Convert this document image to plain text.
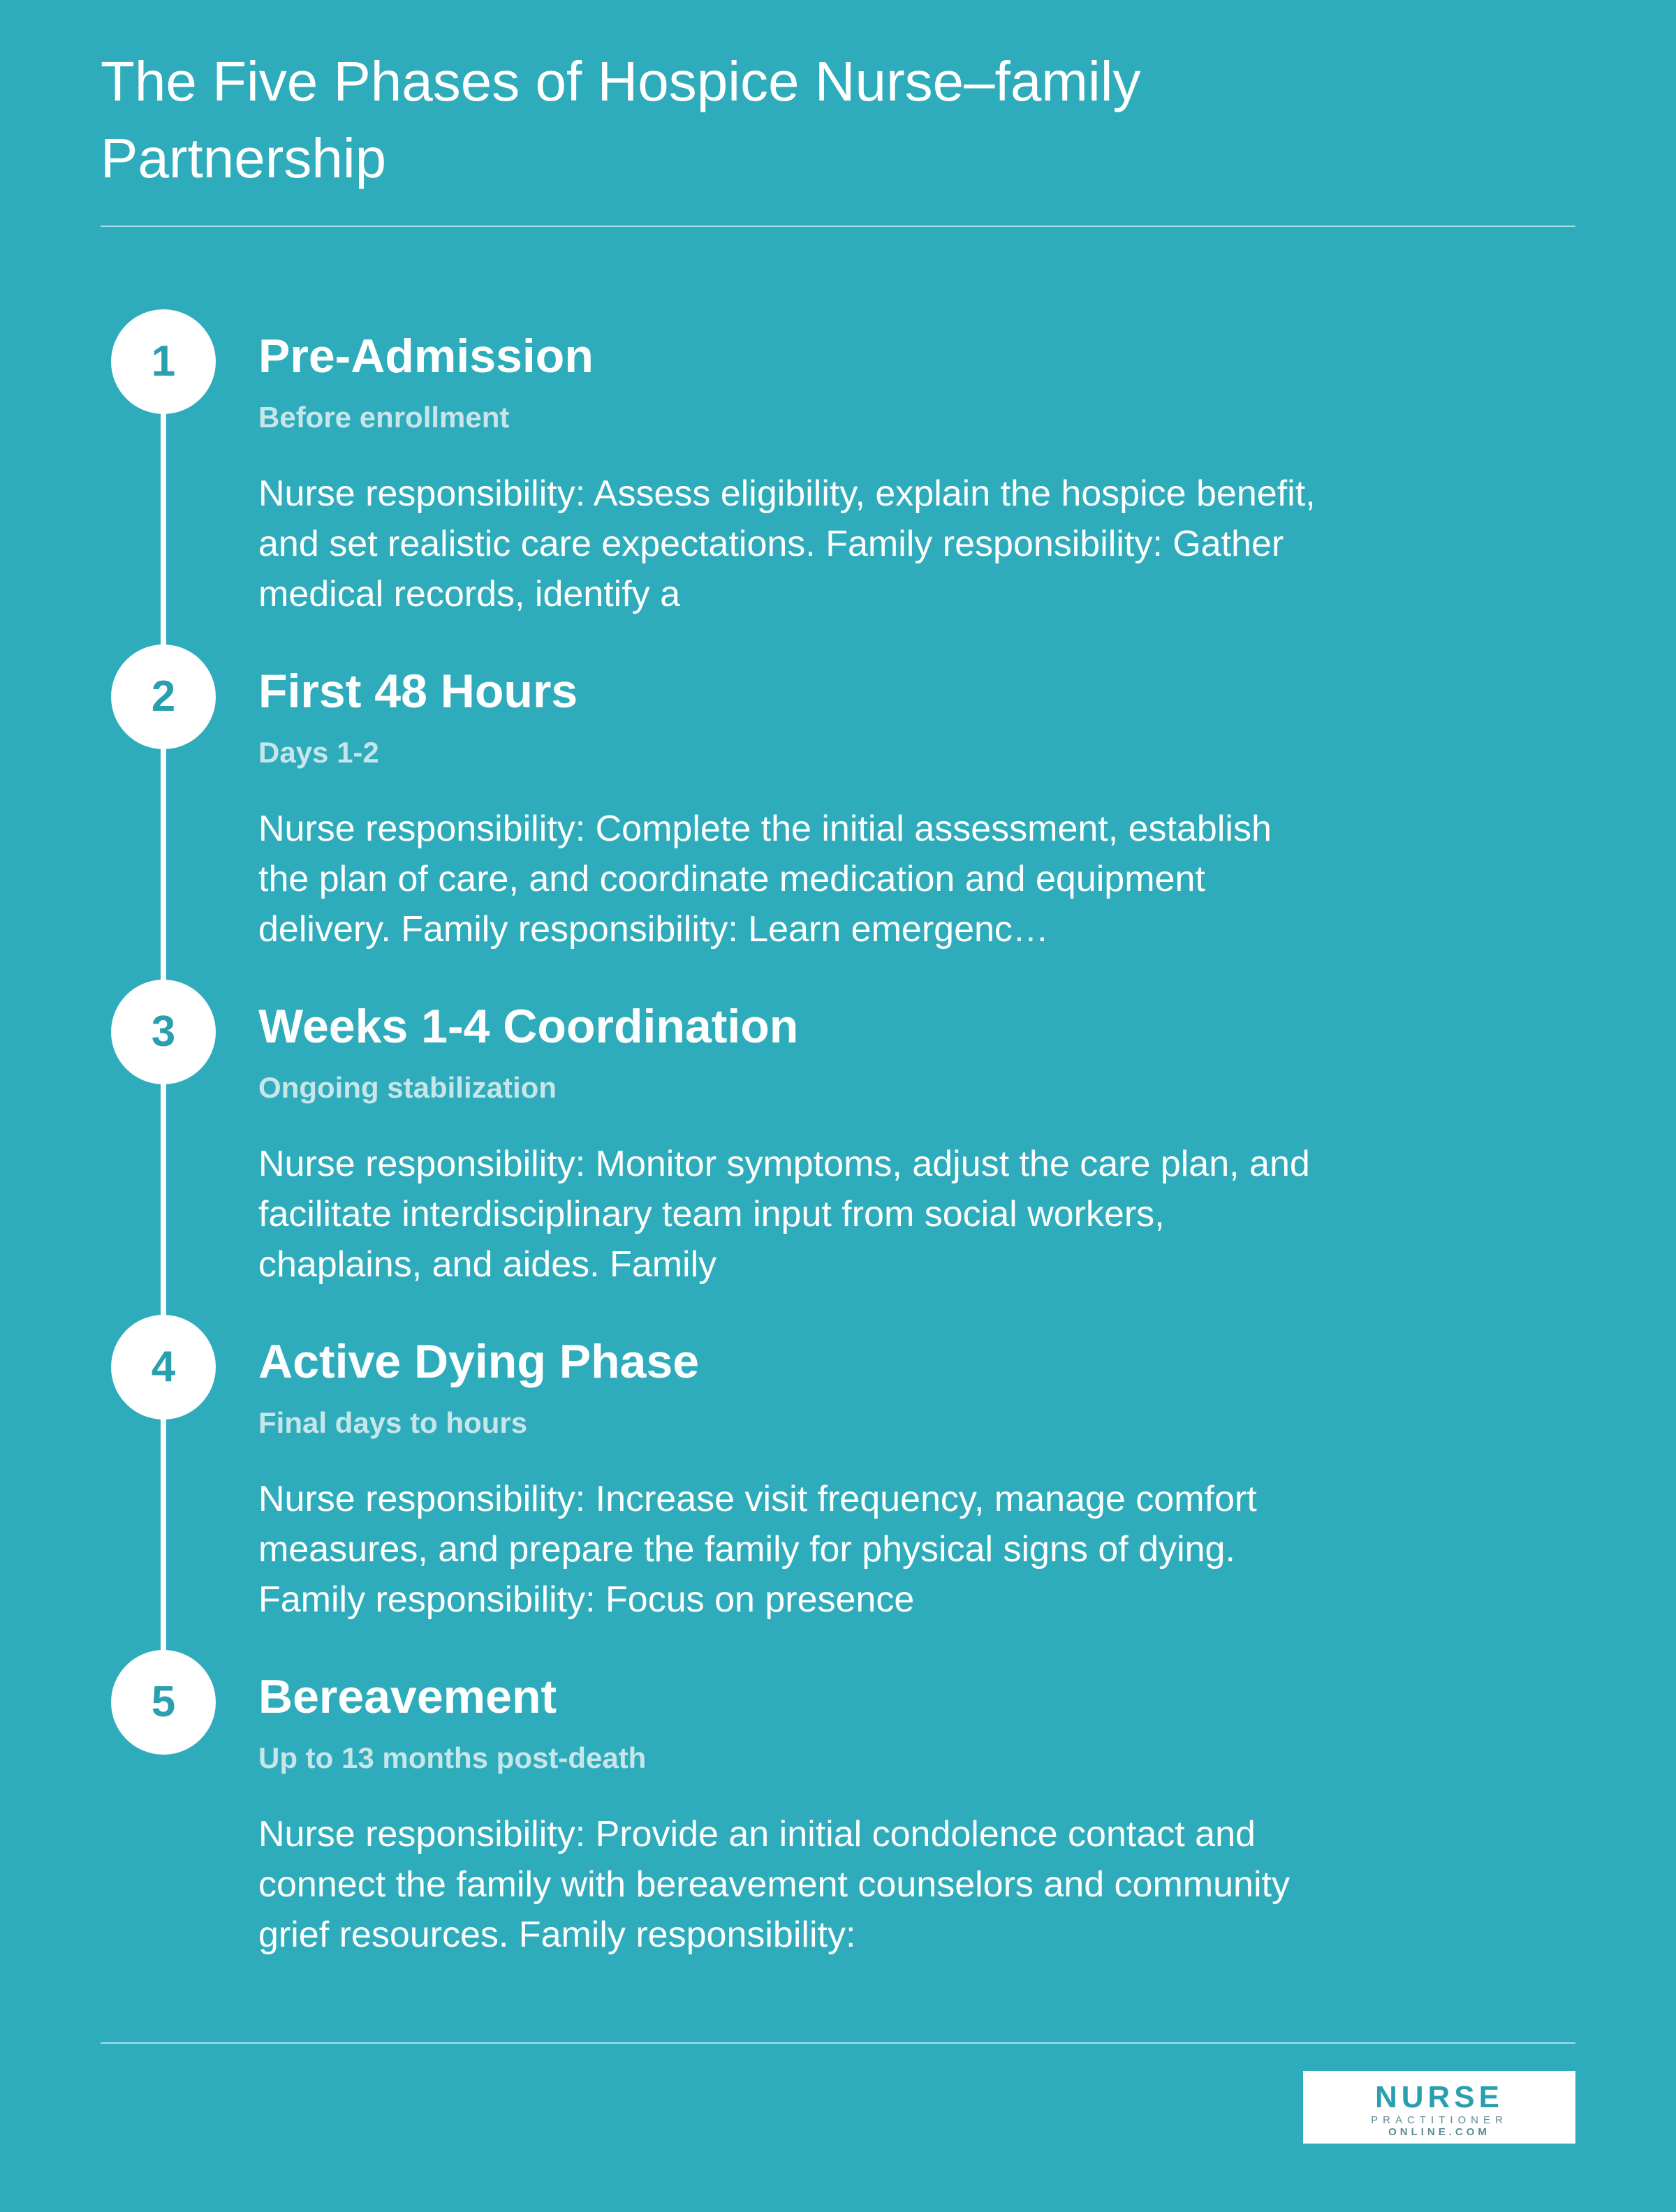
The Five Phases of Hospice Nurse–family Partnership
1	Pre-Admission
Before enrollment
Nurse responsibility: Assess eligibility, explain the hospice benefit, and set realistic care expectations. Family responsibility: Gather medical records, identify a
2	First 48 Hours
Days 1-2
Nurse responsibility: Complete the initial assessment, establish the plan of care, and coordinate medication and equipment delivery. Family responsibility: Learn emergenc…
3	Weeks 1-4 Coordination
Ongoing stabilization
Nurse responsibility: Monitor symptoms, adjust the care plan, and facilitate interdisciplinary team input from social workers, chaplains, and aides. Family
4	Active Dying Phase
Final days to hours
Nurse responsibility: Increase visit frequency, manage comfort measures, and prepare the family for physical signs of dying. Family responsibility: Focus on presence
5	Bereavement
Up to 13 months post-death
Nurse responsibility: Provide an initial condolence contact and connect the family with bereavement counselors and community grief resources. Family responsibility:
NURSE
PRACTITIONER
ONLINE.COM
